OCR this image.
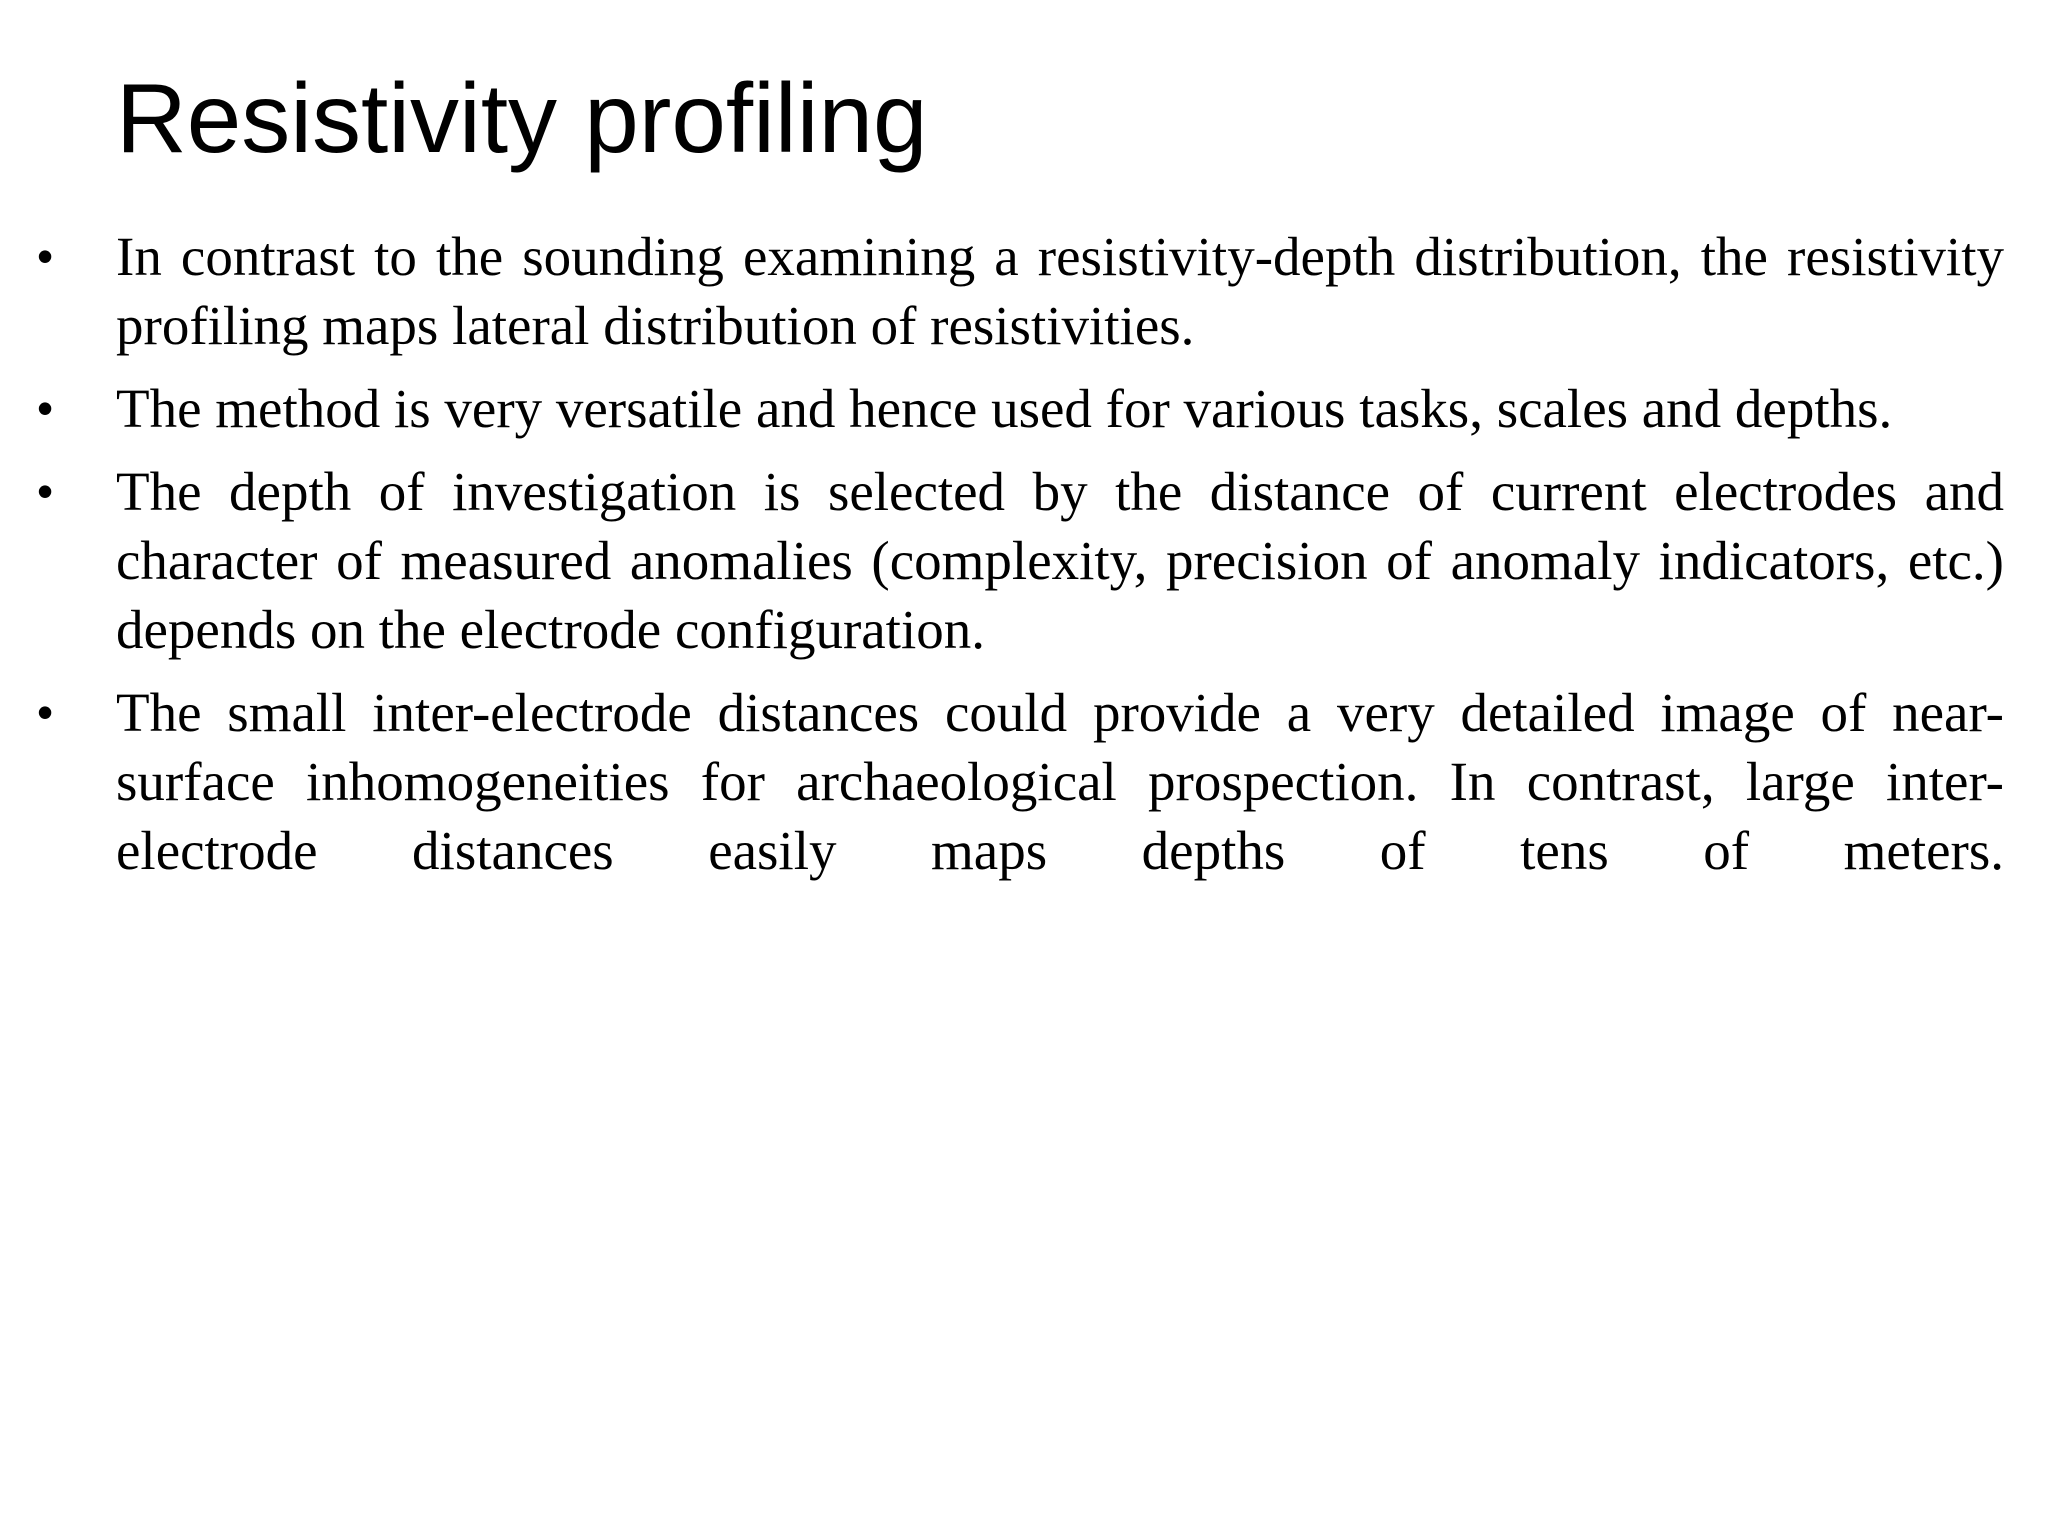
Resistivity profiling
• In contrast to the sounding examining a resistivity-depth distribution, the resistivity profiling maps lateral distribution of resistivities.
• The method is very versatile and hence used for various tasks, scales and depths.
• The depth of investigation is selected by the distance of current electrodes and character of measured anomalies (complexity, precision of anomaly indicators, etc.) depends on the electrode configuration.
• The small inter-electrode distances could provide a very detailed image of near-surface inhomogeneities for archaeological prospection. In contrast, large inter-electrode distances easily maps depths of tens of meters.
